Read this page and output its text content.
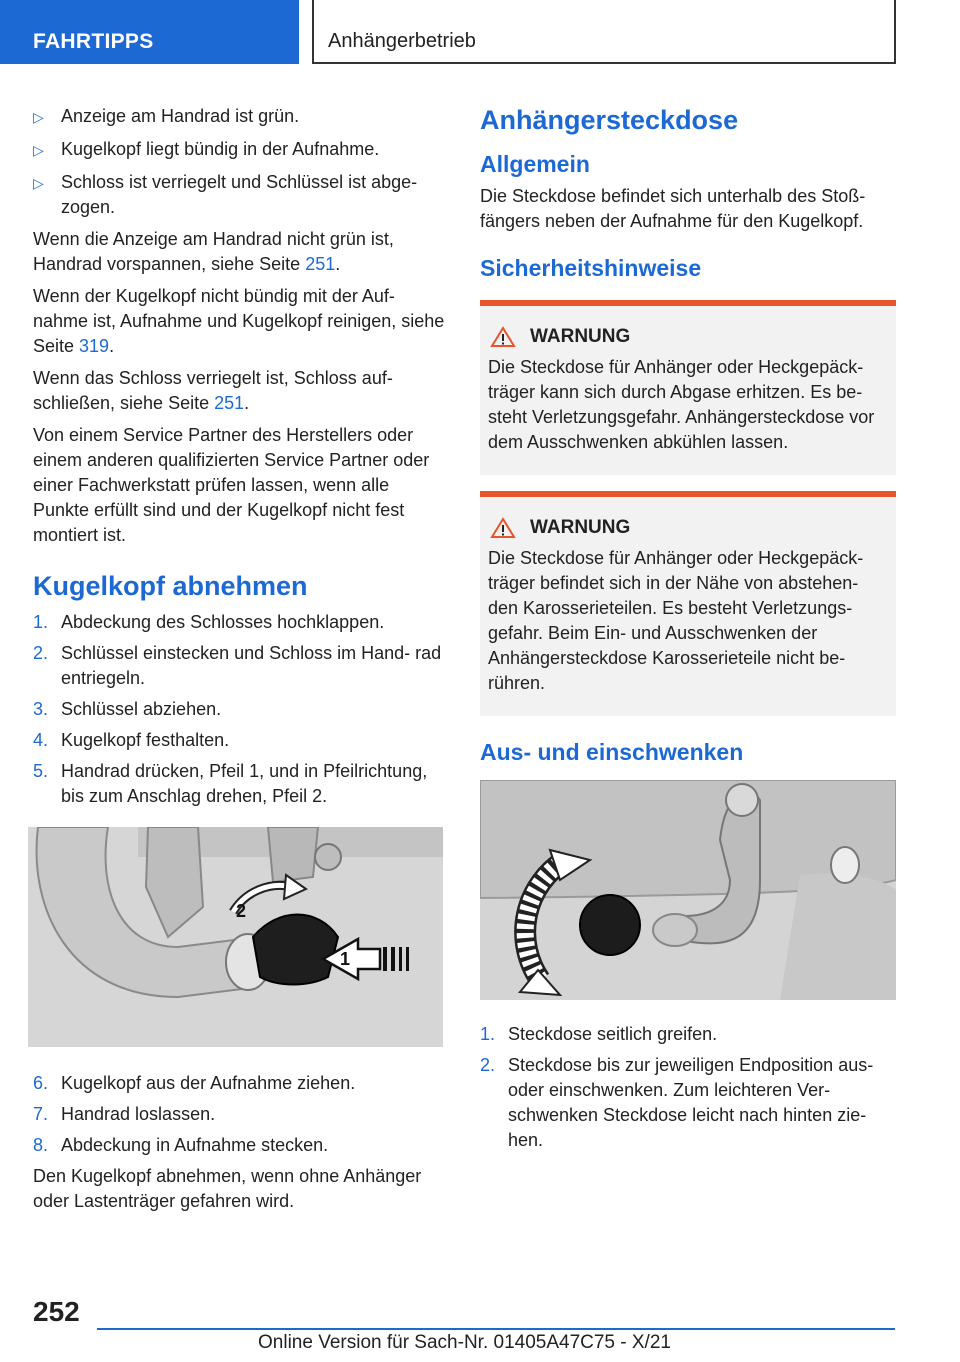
FAHRTIPPS	Anhängerbetrieb
▷ Anzeige am Handrad ist grün.
▷ Kugelkopf liegt bündig in der Aufnahme.
▷ Schloss ist verriegelt und Schlüssel ist abge‐ zogen.

Wenn die Anzeige am Handrad nicht grün ist, Handrad vorspannen, siehe Seite 251.

Wenn der Kugelkopf nicht bündig mit der Auf‐ nahme ist, Aufnahme und Kugelkopf reinigen, siehe Seite 319.

Wenn das Schloss verriegelt ist, Schloss auf‐ schließen, siehe Seite 251.

Von einem Service Partner des Herstellers oder einem anderen qualifizierten Service Partner oder einer Fachwerkstatt prüfen lassen, wenn alle Punkte erfüllt sind und der Kugelkopf nicht fest montiert ist.

Kugelkopf abnehmen
1. Abdeckung des Schlosses hochklappen.
2. Schlüssel einstecken und Schloss im Hand‐ rad entriegeln.
3. Schlüssel abziehen.
4. Kugelkopf festhalten.
5. Handrad drücken, Pfeil 1, und in Pfeilrichtung, bis zum Anschlag drehen, Pfeil 2.
2
1
6. Kugelkopf aus der Aufnahme ziehen.
7. Handrad loslassen.
8. Abdeckung in Aufnahme stecken.

Den Kugelkopf abnehmen, wenn ohne Anhänger oder Lastenträger gefahren wird.

Anhängersteckdose
Allgemein

Die Steckdose befindet sich unterhalb des Stoß‐ fängers neben der Aufnahme für den Kugelkopf.

Sicherheitshinweise
WARNUNG
Die Steckdose für Anhänger oder Heckgepäck‐ träger kann sich durch Abgase erhitzen. Es be‐ steht Verletzungsgefahr. Anhängersteckdose vor dem Ausschwenken abkühlen lassen.
WARNUNG
Die Steckdose für Anhänger oder Heckgepäck‐ träger befindet sich in der Nähe von abstehen‐ den Karosserieteilen. Es besteht Verletzungs‐ gefahr. Beim Ein- und Ausschwenken der Anhängersteckdose Karosserieteile nicht be‐ rühren.
Aus- und einschwenken
1. Steckdose seitlich greifen.
2. Steckdose bis zur jeweiligen Endposition aus- oder einschwenken. Zum leichteren Ver‐ schwenken Steckdose leicht nach hinten zie‐ hen.
252
Online Version für Sach-Nr. 01405A47C75 - X/21
